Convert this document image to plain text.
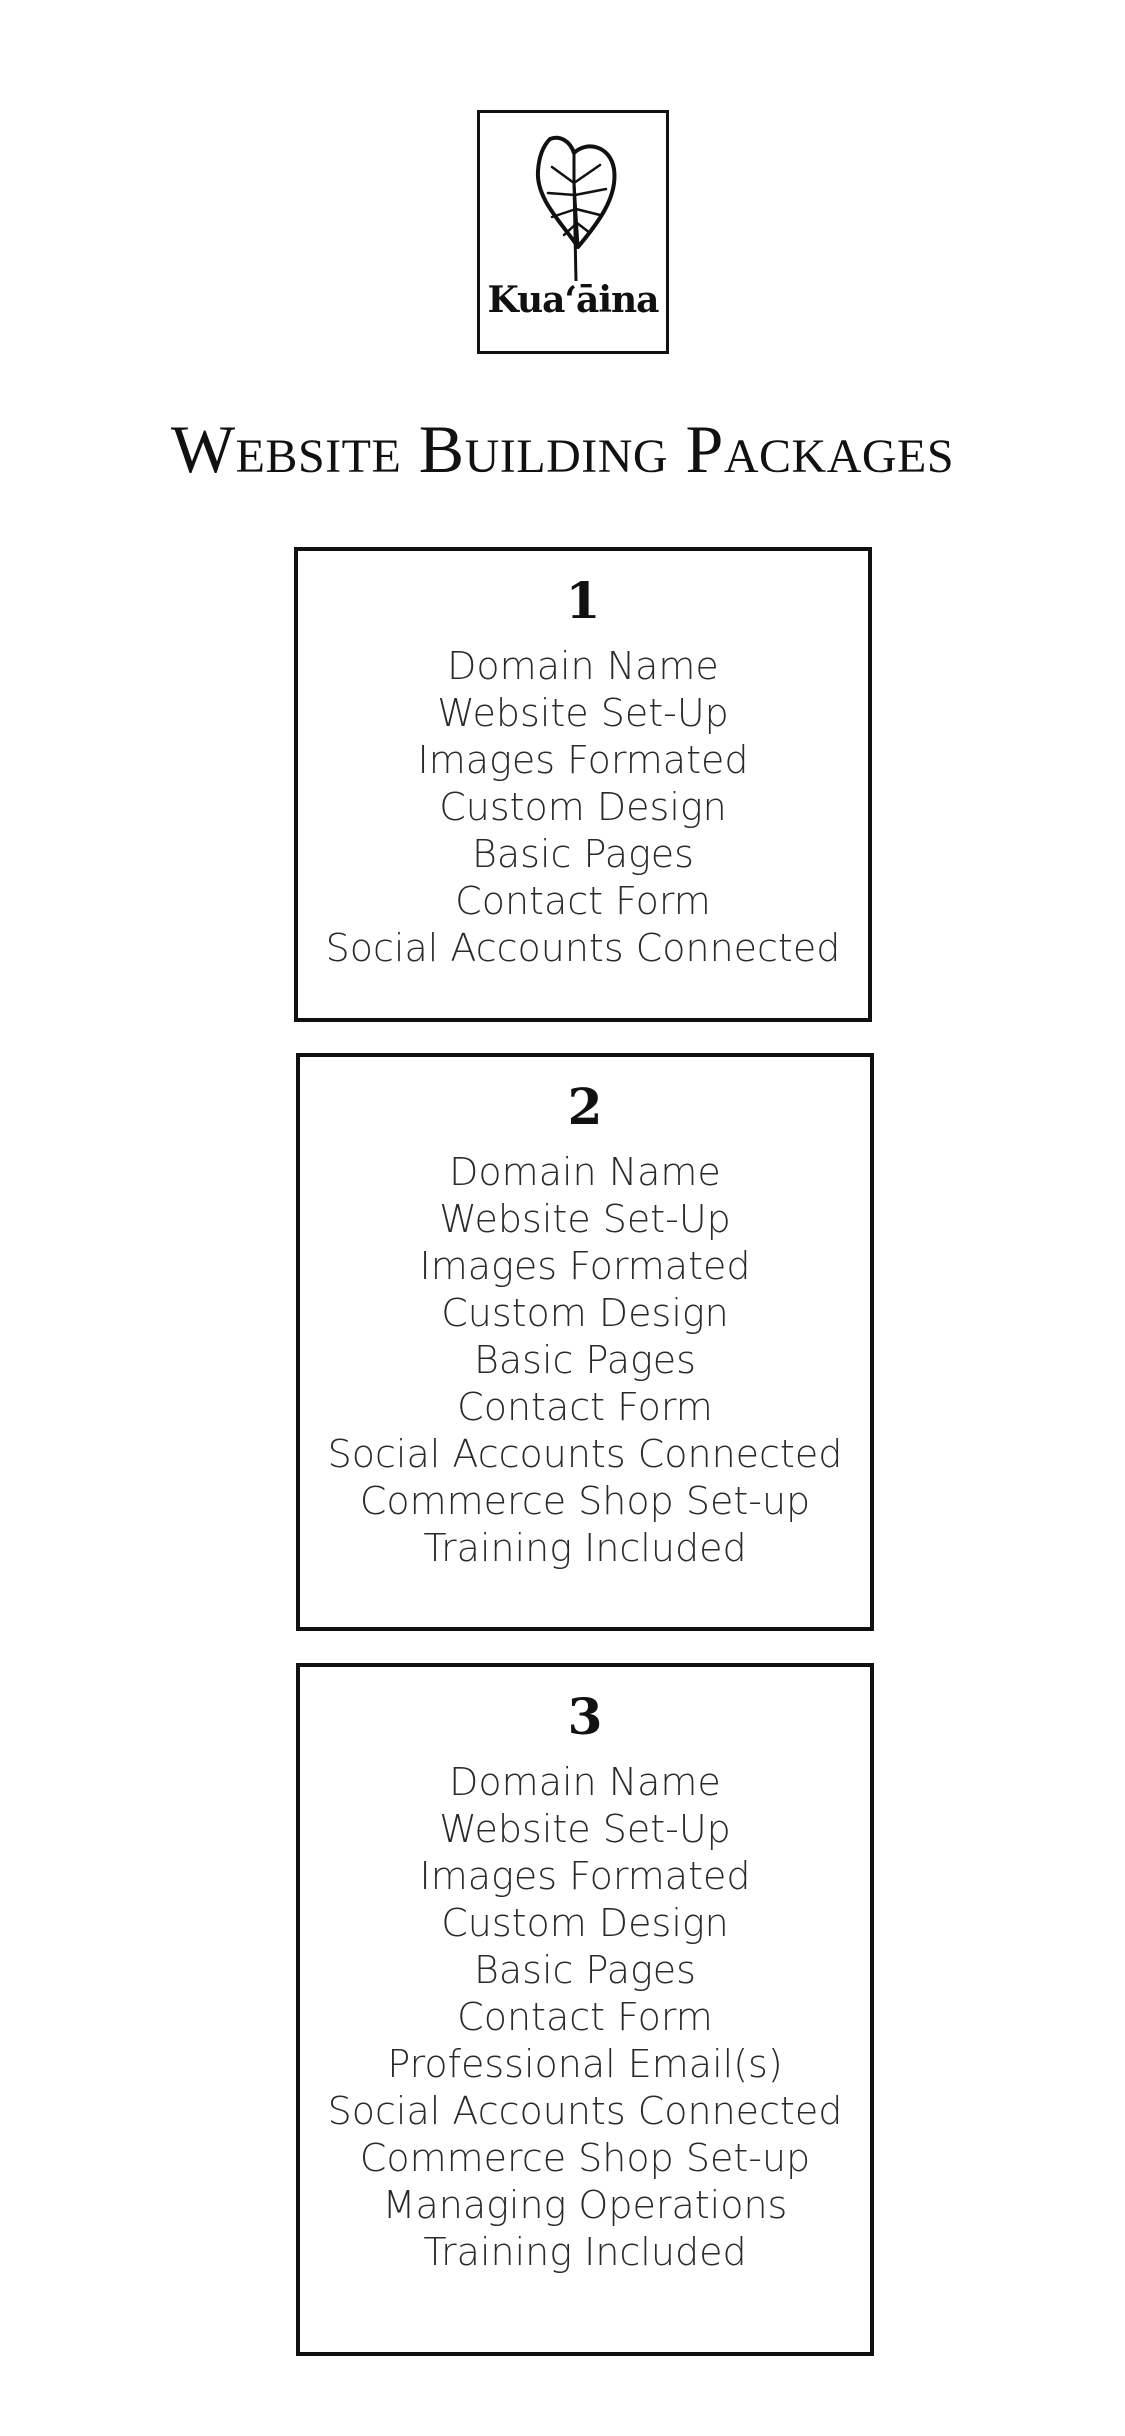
Kua‘āina
Website Building Packages
1
Domain Name
Website Set-Up
Images Formated
Custom Design
Basic Pages
Contact Form
Social Accounts Connected
2
Domain Name
Website Set-Up
Images Formated
Custom Design
Basic Pages
Contact Form
Social Accounts Connected
Commerce Shop Set-up
Training Included
3
Domain Name
Website Set-Up
Images Formated
Custom Design
Basic Pages
Contact Form
Professional Email(s)
Social Accounts Connected
Commerce Shop Set-up
Managing Operations
Training Included
